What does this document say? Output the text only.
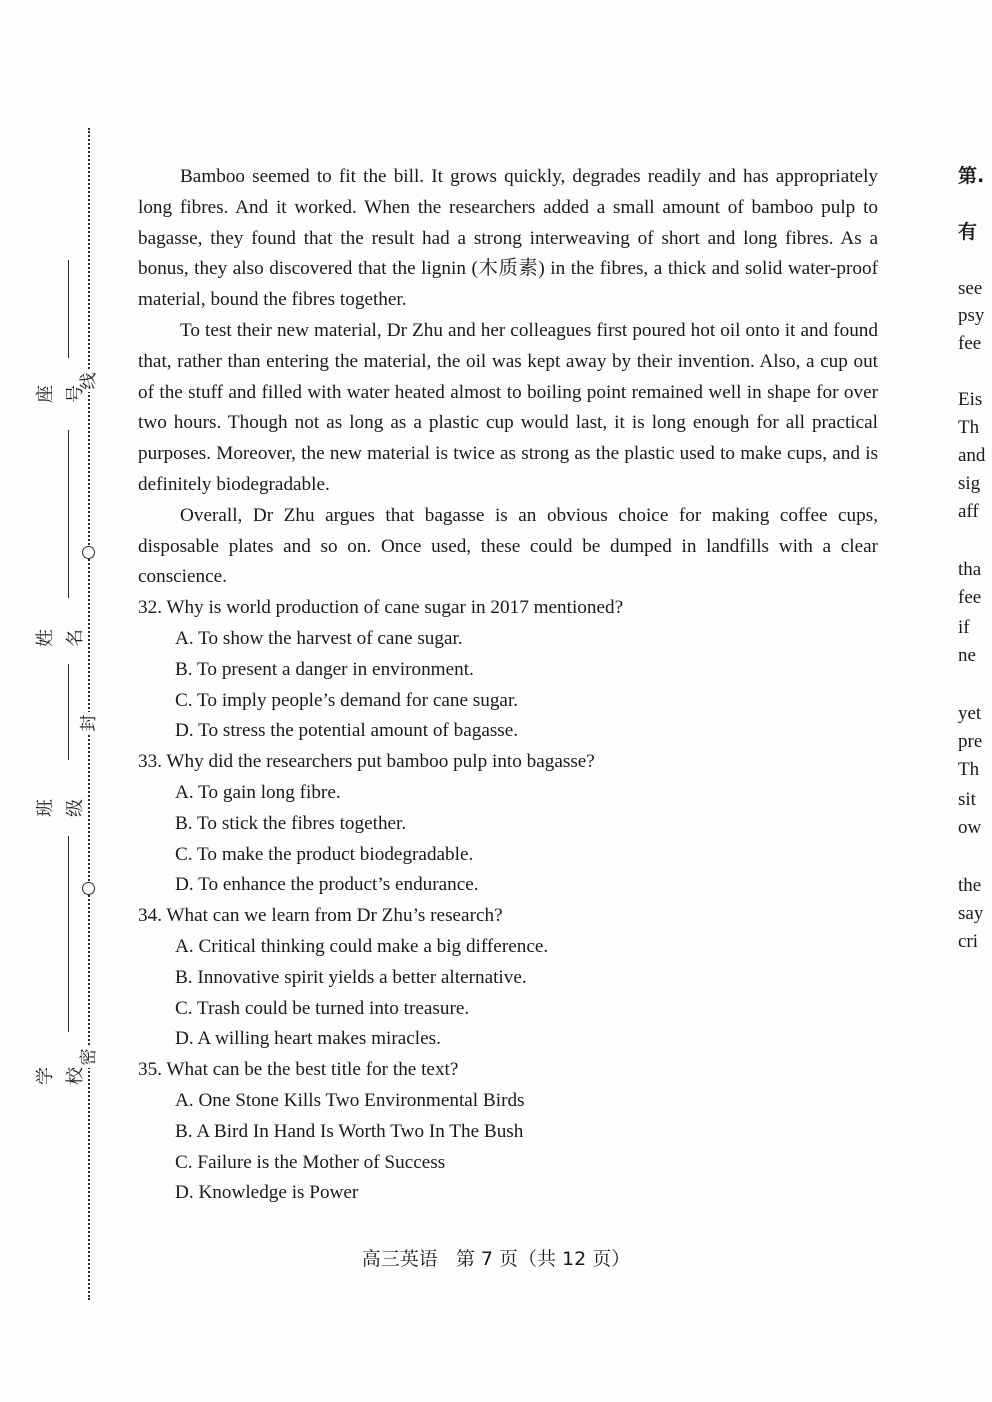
线
封
密
座号
姓名
班级
学校

Bamboo seemed to fit the bill. It grows quickly, degrades readily and has appropriately long fibres. And it worked. When the researchers added a small amount of bamboo pulp to bagasse, they found that the result had a strong interweaving of short and long fibres. As a bonus, they also discovered that the lignin (木质素) in the fibres, a thick and solid water-proof material, bound the fibres together.

To test their new material, Dr Zhu and her colleagues first poured hot oil onto it and found that, rather than entering the material, the oil was kept away by their invention. Also, a cup out of the stuff and filled with water heated almost to boiling point remained well in shape for over two hours. Though not as long as a plastic cup would last, it is long enough for all practical purposes. Moreover, the new material is twice as strong as the plastic used to make cups, and is definitely biodegradable.

Overall, Dr Zhu argues that bagasse is an obvious choice for making coffee cups, disposable plates and so on. Once used, these could be dumped in landfills with a clear conscience.

32. Why is world production of cane sugar in 2017 mentioned?
A. To show the harvest of cane sugar.
B. To present a danger in environment.
C. To imply people’s demand for cane sugar.
D. To stress the potential amount of bagasse.
33. Why did the researchers put bamboo pulp into bagasse?
A. To gain long fibre.
B. To stick the fibres together.
C. To make the product biodegradable.
D. To enhance the product’s endurance.
34. What can we learn from Dr Zhu’s research?
A. Critical thinking could make a big difference.
B. Innovative spirit yields a better alternative.
C. Trash could be turned into treasure.
D. A willing heart makes miracles.
35. What can be the best title for the text?
A. One Stone Kills Two Environmental Birds
B. A Bird In Hand Is Worth Two In The Bush
C. Failure is the Mother of Success
D. Knowledge is Power
高三英语 第 7 页（共 12 页）
第.
有
see
psy
fee
Eis
Th
and
sig
aff
tha
fee
if
ne
yet
pre
Th
sit
ow
the
say
cri
